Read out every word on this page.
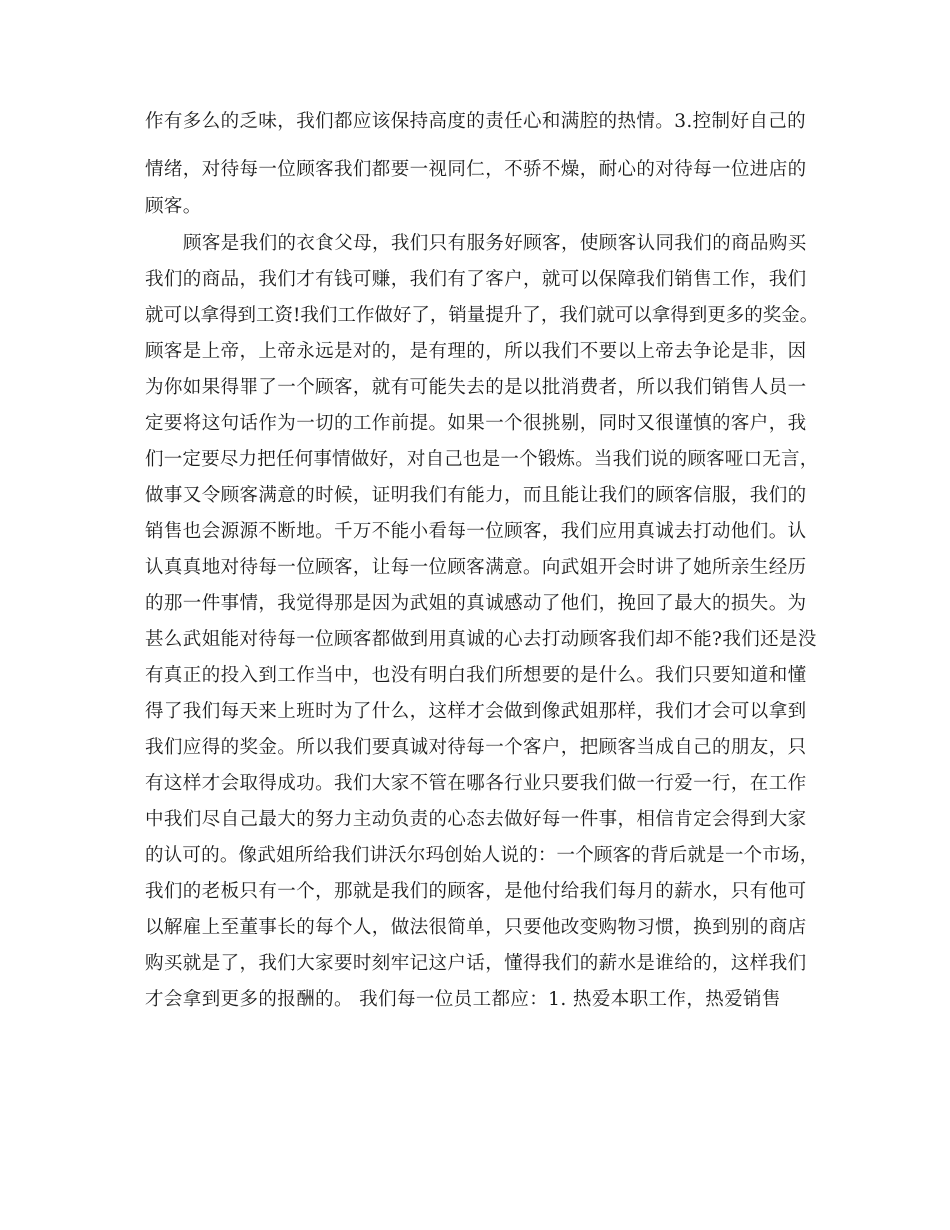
作有多么的乏味，我们都应该保持高度的责任心和满腔的热情。3.控制好自己的
情绪，对待每一位顾客我们都要一视同仁，不骄不燥，耐心的对待每一位进店的
顾客。
顾客是我们的衣食父母，我们只有服务好顾客，使顾客认同我们的商品购买
我们的商品，我们才有钱可赚，我们有了客户，就可以保障我们销售工作，我们
就可以拿得到工资!我们工作做好了，销量提升了，我们就可以拿得到更多的奖金。
顾客是上帝，上帝永远是对的，是有理的，所以我们不要以上帝去争论是非，因
为你如果得罪了一个顾客，就有可能失去的是以批消费者，所以我们销售人员一
定要将这句话作为一切的工作前提。如果一个很挑剔，同时又很谨慎的客户，我
们一定要尽力把任何事情做好，对自己也是一个锻炼。当我们说的顾客哑口无言，
做事又令顾客满意的时候，证明我们有能力，而且能让我们的顾客信服，我们的
销售也会源源不断地。千万不能小看每一位顾客，我们应用真诚去打动他们。认
认真真地对待每一位顾客，让每一位顾客满意。向武姐开会时讲了她所亲生经历
的那一件事情，我觉得那是因为武姐的真诚感动了他们，挽回了最大的损失。为
甚么武姐能对待每一位顾客都做到用真诚的心去打动顾客我们却不能?我们还是没
有真正的投入到工作当中，也没有明白我们所想要的是什么。我们只要知道和懂
得了我们每天来上班时为了什么，这样才会做到像武姐那样，我们才会可以拿到
我们应得的奖金。所以我们要真诚对待每一个客户，把顾客当成自己的朋友，只
有这样才会取得成功。我们大家不管在哪各行业只要我们做一行爱一行，在工作
中我们尽自己最大的努力主动负责的心态去做好每一件事，相信肯定会得到大家
的认可的。像武姐所给我们讲沃尔玛创始人说的：一个顾客的背后就是一个市场，
我们的老板只有一个，那就是我们的顾客，是他付给我们每月的薪水，只有他可
以解雇上至董事长的每个人，做法很简单，只要他改变购物习惯，换到别的商店
购买就是了，我们大家要时刻牢记这户话，懂得我们的薪水是谁给的，这样我们
才会拿到更多的报酬的。 我们每一位员工都应：1. 热爱本职工作，热爱销售
